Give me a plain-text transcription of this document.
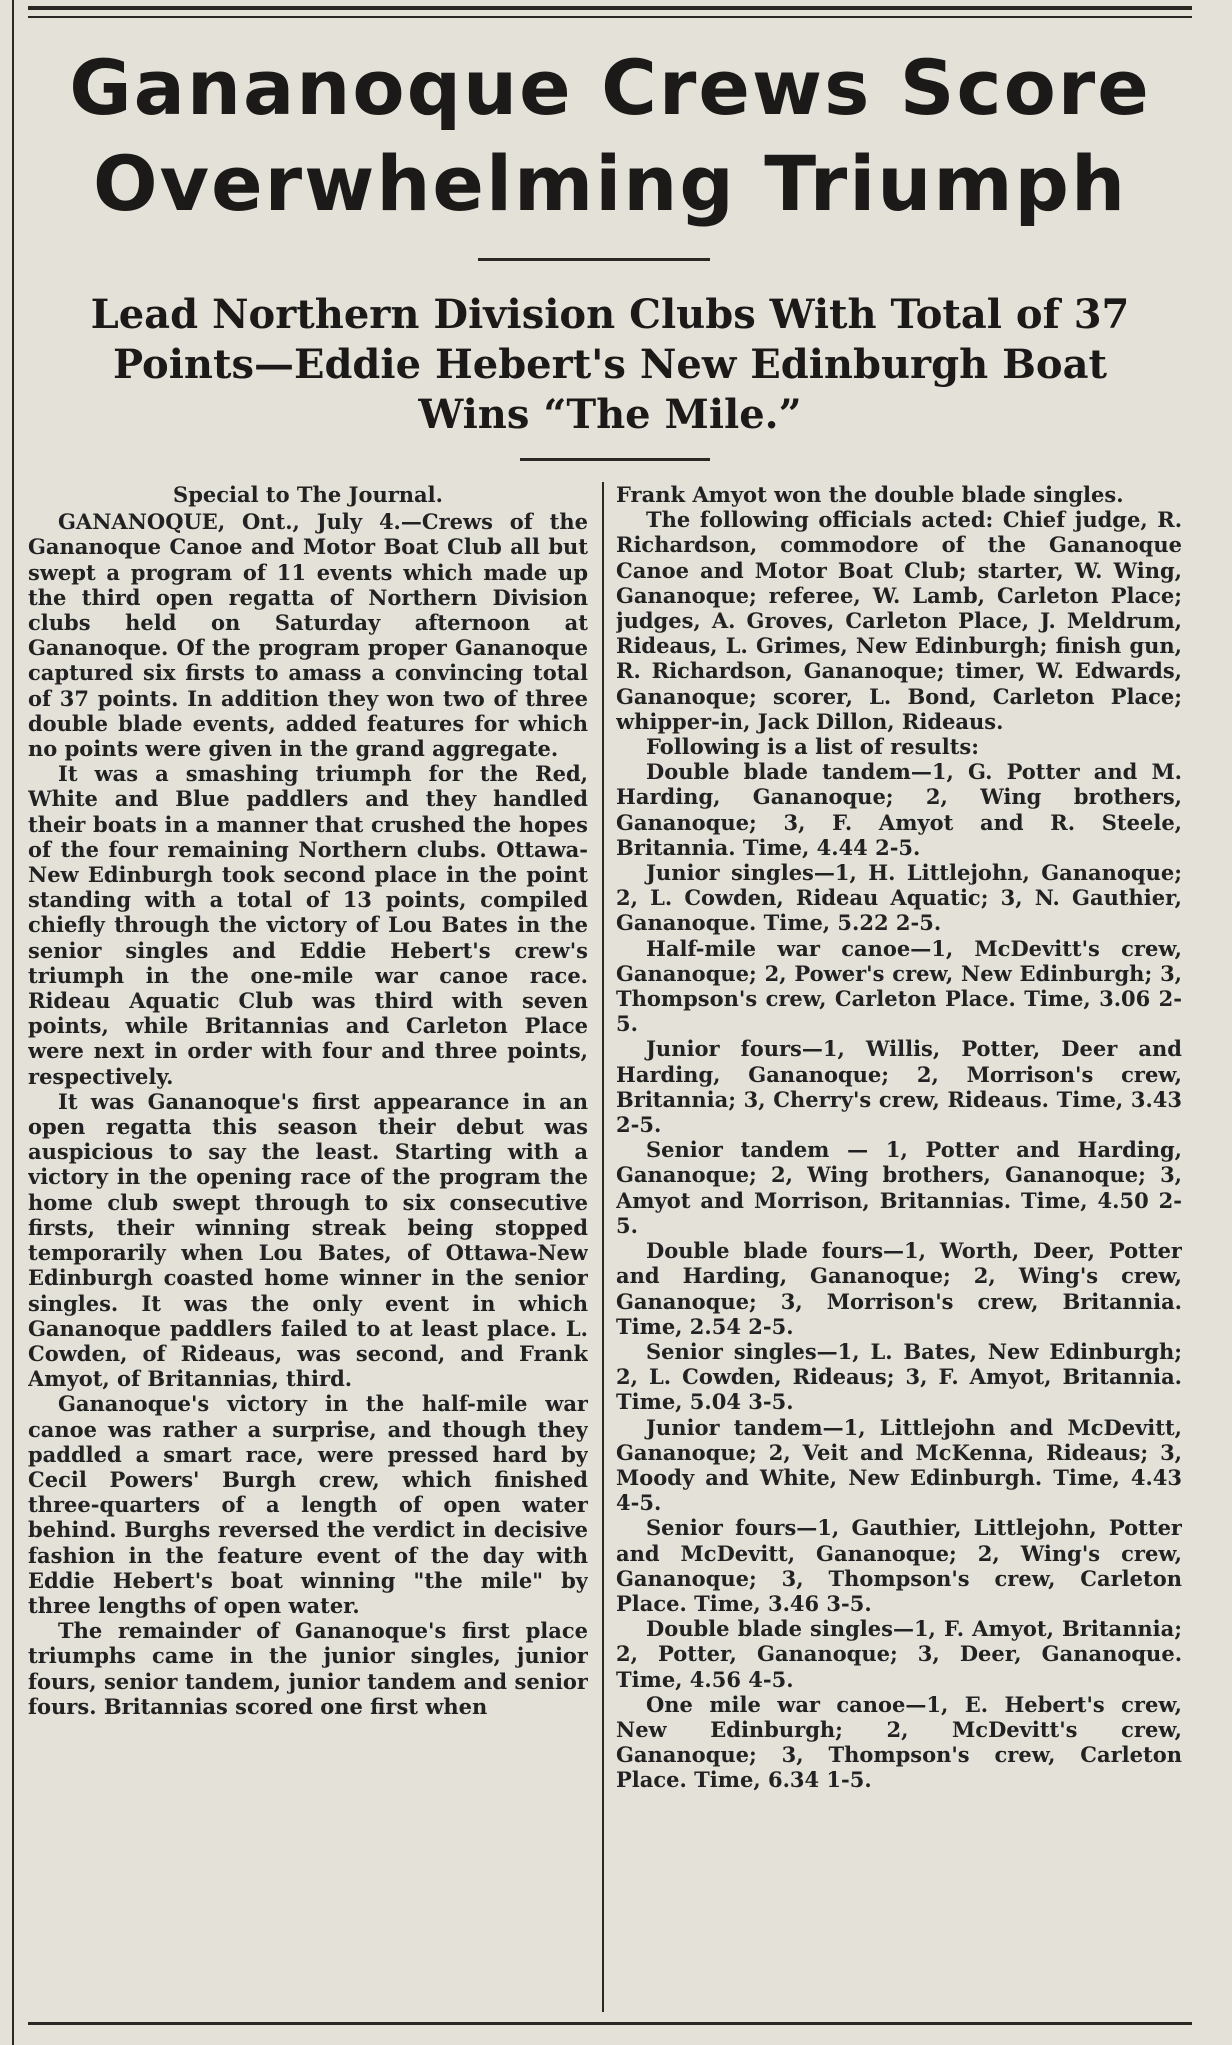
Gananoque Crews Score
Overwhelming Triumph
Lead Northern Division Clubs With Total of 37
Points—Eddie Hebert's New Edinburgh Boat
Wins “The Mile.”

Special to The Journal.

GANANOQUE, Ont., July 4.—Crews of the Gananoque Canoe and Motor Boat Club all but swept a program of 11 events which made up the third open regatta of Northern Division clubs held on Saturday afternoon at Gananoque. Of the program proper Gananoque captured six firsts to amass a convincing total of 37 points. In addition they won two of three double blade events, added features for which no points were given in the grand aggregate.

It was a smashing triumph for the Red, White and Blue paddlers and they handled their boats in a manner that crushed the hopes of the four remaining Northern clubs. Ottawa-New Edinburgh took second place in the point standing with a total of 13 points, compiled chiefly through the victory of Lou Bates in the senior singles and Eddie Hebert's crew's triumph in the one-mile war canoe race. Rideau Aquatic Club was third with seven points, while Britannias and Carleton Place were next in order with four and three points, respectively.

It was Gananoque's first appearance in an open regatta this season their debut was auspicious to say the least. Starting with a victory in the opening race of the program the home club swept through to six consecutive firsts, their winning streak being stopped temporarily when Lou Bates, of Ottawa-New Edinburgh coasted home winner in the senior singles. It was the only event in which Gananoque paddlers failed to at least place. L. Cowden, of Rideaus, was second, and Frank Amyot, of Britannias, third.

Gananoque's victory in the half-mile war canoe was rather a surprise, and though they paddled a smart race, were pressed hard by Cecil Powers' Burgh crew, which finished three-quarters of a length of open water behind. Burghs reversed the verdict in decisive fashion in the feature event of the day with Eddie Hebert's boat winning "the mile" by three lengths of open water.

The remainder of Gananoque's first place triumphs came in the junior singles, junior fours, senior tandem, junior tandem and senior fours. Britannias scored one first when

Frank Amyot won the double blade singles.

The following officials acted: Chief judge, R. Richardson, commodore of the Gananoque Canoe and Motor Boat Club; starter, W. Wing, Gananoque; referee, W. Lamb, Carleton Place; judges, A. Groves, Carleton Place, J. Meldrum, Rideaus, L. Grimes, New Edinburgh; finish gun, R. Richardson, Gananoque; timer, W. Edwards, Gananoque; scorer, L. Bond, Carleton Place; whipper-in, Jack Dillon, Rideaus.

Following is a list of results:

Double blade tandem—1, G. Potter and M. Harding, Gananoque; 2, Wing brothers, Gananoque; 3, F. Amyot and R. Steele, Britannia. Time, 4.44 2-5.

Junior singles—1, H. Littlejohn, Gananoque; 2, L. Cowden, Rideau Aquatic; 3, N. Gauthier, Gananoque. Time, 5.22 2-5.

Half-mile war canoe—1, McDevitt's crew, Gananoque; 2, Power's crew, New Edinburgh; 3, Thompson's crew, Carleton Place. Time, 3.06 2-5.

Junior fours—1, Willis, Potter, Deer and Harding, Gananoque; 2, Morrison's crew, Britannia; 3, Cherry's crew, Rideaus. Time, 3.43 2-5.

Senior tandem — 1, Potter and Harding, Gananoque; 2, Wing brothers, Gananoque; 3, Amyot and Morrison, Britannias. Time, 4.50 2-5.

Double blade fours—1, Worth, Deer, Potter and Harding, Gananoque; 2, Wing's crew, Gananoque; 3, Morrison's crew, Britannia. Time, 2.54 2-5.

Senior singles—1, L. Bates, New Edinburgh; 2, L. Cowden, Rideaus; 3, F. Amyot, Britannia. Time, 5.04 3-5.

Junior tandem—1, Littlejohn and McDevitt, Gananoque; 2, Veit and McKenna, Rideaus; 3, Moody and White, New Edinburgh. Time, 4.43 4-5.

Senior fours—1, Gauthier, Littlejohn, Potter and McDevitt, Gananoque; 2, Wing's crew, Gananoque; 3, Thompson's crew, Carleton Place. Time, 3.46 3-5.

Double blade singles—1, F. Amyot, Britannia; 2, Potter, Gananoque; 3, Deer, Gananoque. Time, 4.56 4-5.

One mile war canoe—1, E. Hebert's crew, New Edinburgh; 2, McDevitt's crew, Gananoque; 3, Thompson's crew, Carleton Place. Time, 6.34 1-5.
